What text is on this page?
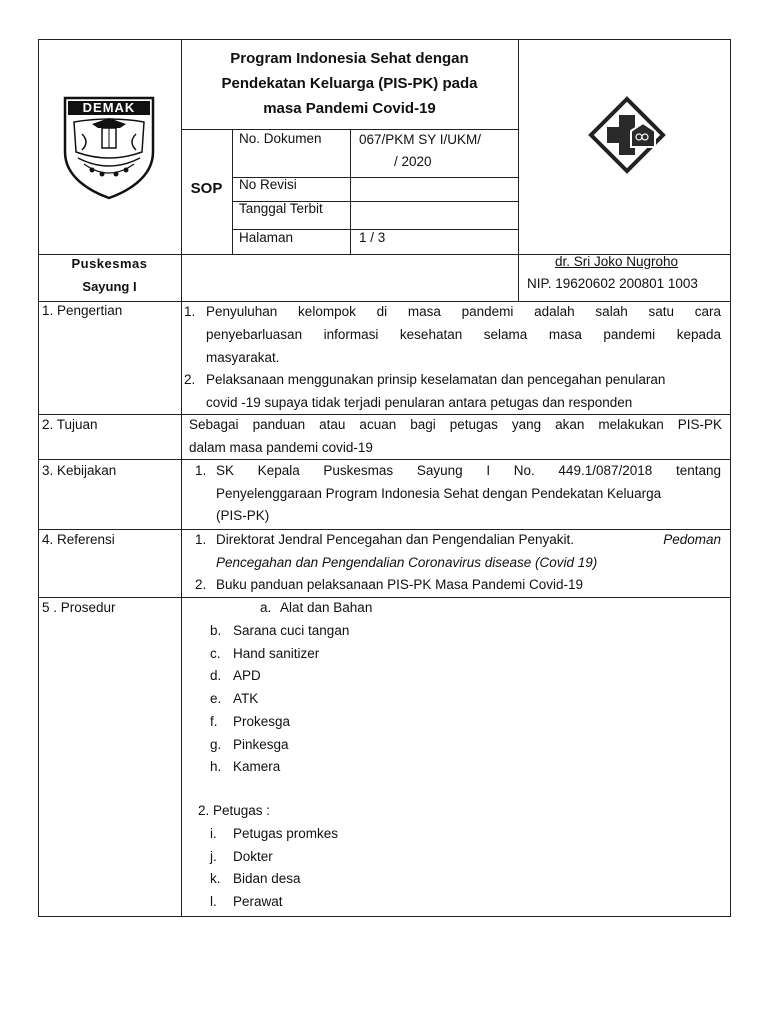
DEMAK
Program Indonesia Sehat dengan
Pendekatan Keluarga (PIS-PK) pada
masa Pandemi Covid-19
SOP
No. Dokumen	067/PKM SY I/UKM/
/ 2020
No Revisi
Tanggal Terbit
Halaman	1 / 3
Puskesmas
Sayung I
dr. Sri Joko Nugroho
NIP. 19620602 200801 1003
1. Pengertian	1. Penyuluhan kelompok di masa pandemi adalah salah satu cara
penyebarluasan informasi kesehatan selama masa pandemi kepada
masyarakat.
2. Pelaksanaan menggunakan prinsip keselamatan dan pencegahan penularan
covid -19 supaya tidak terjadi penularan antara petugas dan responden
2. Tujuan	Sebagai panduan atau acuan bagi petugas yang akan melakukan PIS-PK
dalam masa pandemi covid-19
3. Kebijakan	1. SK Kepala Puskesmas Sayung I No. 449.1/087/2018 tentang
Penyelenggaraan Program Indonesia Sehat dengan Pendekatan Keluarga
(PIS-PK)
4. Referensi	1. Direktorat Jendral Pencegahan dan Pengendalian Penyakit.	Pedoman
Pencegahan dan Pengendalian Coronavirus disease (Covid 19)
2. Buku panduan pelaksanaan PIS-PK Masa Pandemi Covid-19
5 . Prosedur	a. Alat dan Bahan
b. Sarana cuci tangan
c. Hand sanitizer
d. APD
e. ATK
f. Prokesga
g. Pinkesga
h. Kamera
2. Petugas :
i. Petugas promkes
j. Dokter
k. Bidan desa
l. Perawat
